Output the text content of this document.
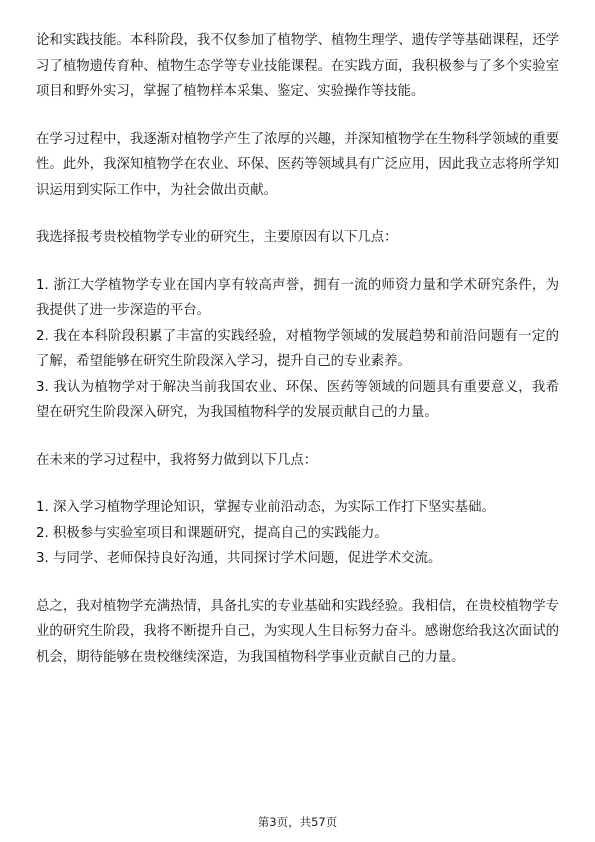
论和实践技能。本科阶段，我不仅参加了植物学、植物生理学、遗传学等基础课程，还学习了植物遗传育种、植物生态学等专业技能课程。在实践方面，我积极参与了多个实验室项目和野外实习，掌握了植物样本采集、鉴定、实验操作等技能。

在学习过程中，我逐渐对植物学产生了浓厚的兴趣，并深知植物学在生物科学领域的重要性。此外，我深知植物学在农业、环保、医药等领域具有广泛应用，因此我立志将所学知识运用到实际工作中，为社会做出贡献。

我选择报考贵校植物学专业的研究生，主要原因有以下几点：

1. 浙江大学植物学专业在国内享有较高声誉，拥有一流的师资力量和学术研究条件，为我提供了进一步深造的平台。
2. 我在本科阶段积累了丰富的实践经验，对植物学领域的发展趋势和前沿问题有一定的了解，希望能够在研究生阶段深入学习，提升自己的专业素养。
3. 我认为植物学对于解决当前我国农业、环保、医药等领域的问题具有重要意义，我希望在研究生阶段深入研究，为我国植物科学的发展贡献自己的力量。

在未来的学习过程中，我将努力做到以下几点：

1. 深入学习植物学理论知识，掌握专业前沿动态，为实际工作打下坚实基础。
2. 积极参与实验室项目和课题研究，提高自己的实践能力。
3. 与同学、老师保持良好沟通，共同探讨学术问题，促进学术交流。

总之，我对植物学充满热情，具备扎实的专业基础和实践经验。我相信，在贵校植物学专业的研究生阶段，我将不断提升自己，为实现人生目标努力奋斗。感谢您给我这次面试的机会，期待能够在贵校继续深造，为我国植物科学事业贡献自己的力量。

第3页，共57页
